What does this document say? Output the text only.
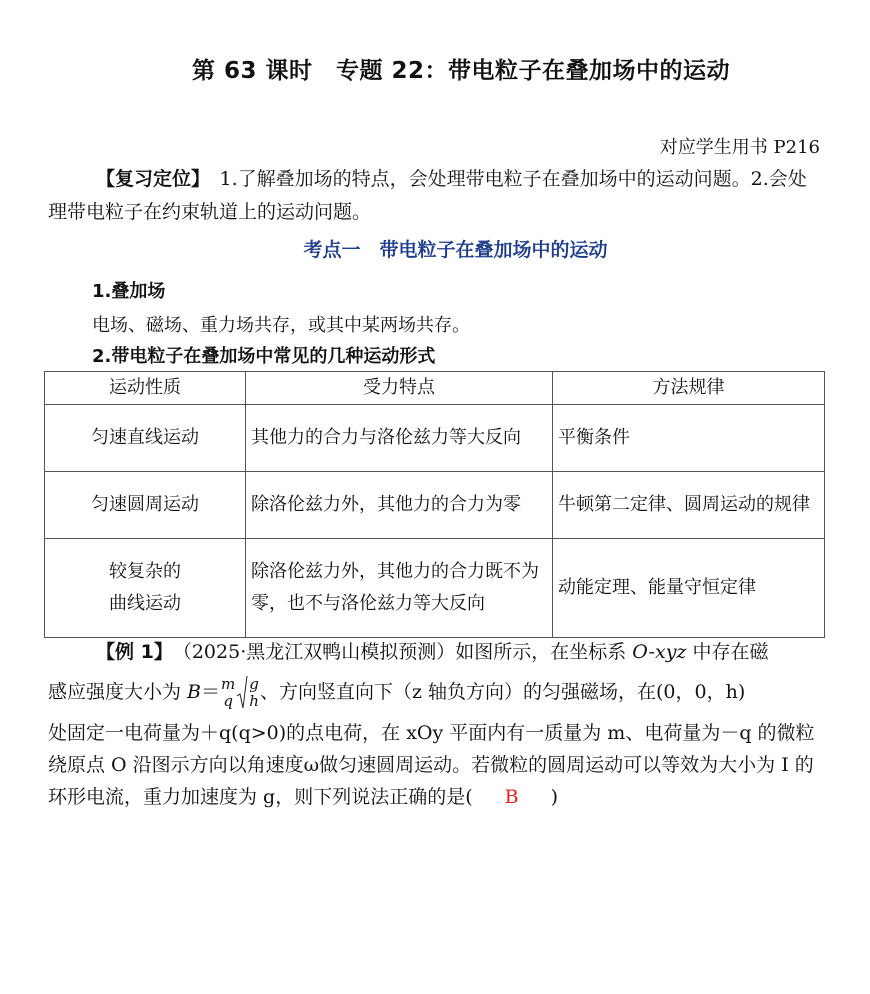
第 63 课时　专题 22：带电粒子在叠加场中的运动
对应学生用书 P216
【复习定位】　1.了解叠加场的特点，会处理带电粒子在叠加场中的运动问题。2.会处理带电粒子在约束轨道上的运动问题。
考点一　带电粒子在叠加场中的运动
1.叠加场
电场、磁场、重力场共存，或其中某两场共存。
2.带电粒子在叠加场中常见的几种运动形式
运动性质	受力特点	方法规律
匀速直线运动	其他力的合力与洛伦兹力等大反向	平衡条件
匀速圆周运动	除洛伦兹力外，其他力的合力为零	牛顿第二定律、圆周运动的规律
较复杂的
曲线运动	除洛伦兹力外，其他力的合力既不为零，也不与洛伦兹力等大反向	动能定理、能量守恒定律
【例 1】　（2025·黑龙江双鸭山模拟预测）如图所示，在坐标系 O-xyz 中存在磁
感应强度大小为 B＝ m
q
g
h 、方向竖直向下（z 轴负方向）的匀强磁场，在(0，0，h)
处固定一电荷量为＋q(q>0)的点电荷，在 xOy 平面内有一质量为 m、电荷量为－q 的微粒绕原点 O 沿图示方向以角速度ω做匀速圆周运动。若微粒的圆周运动可以等效为大小为 I 的环形电流，重力加速度为 g，则下列说法正确的是( B )
